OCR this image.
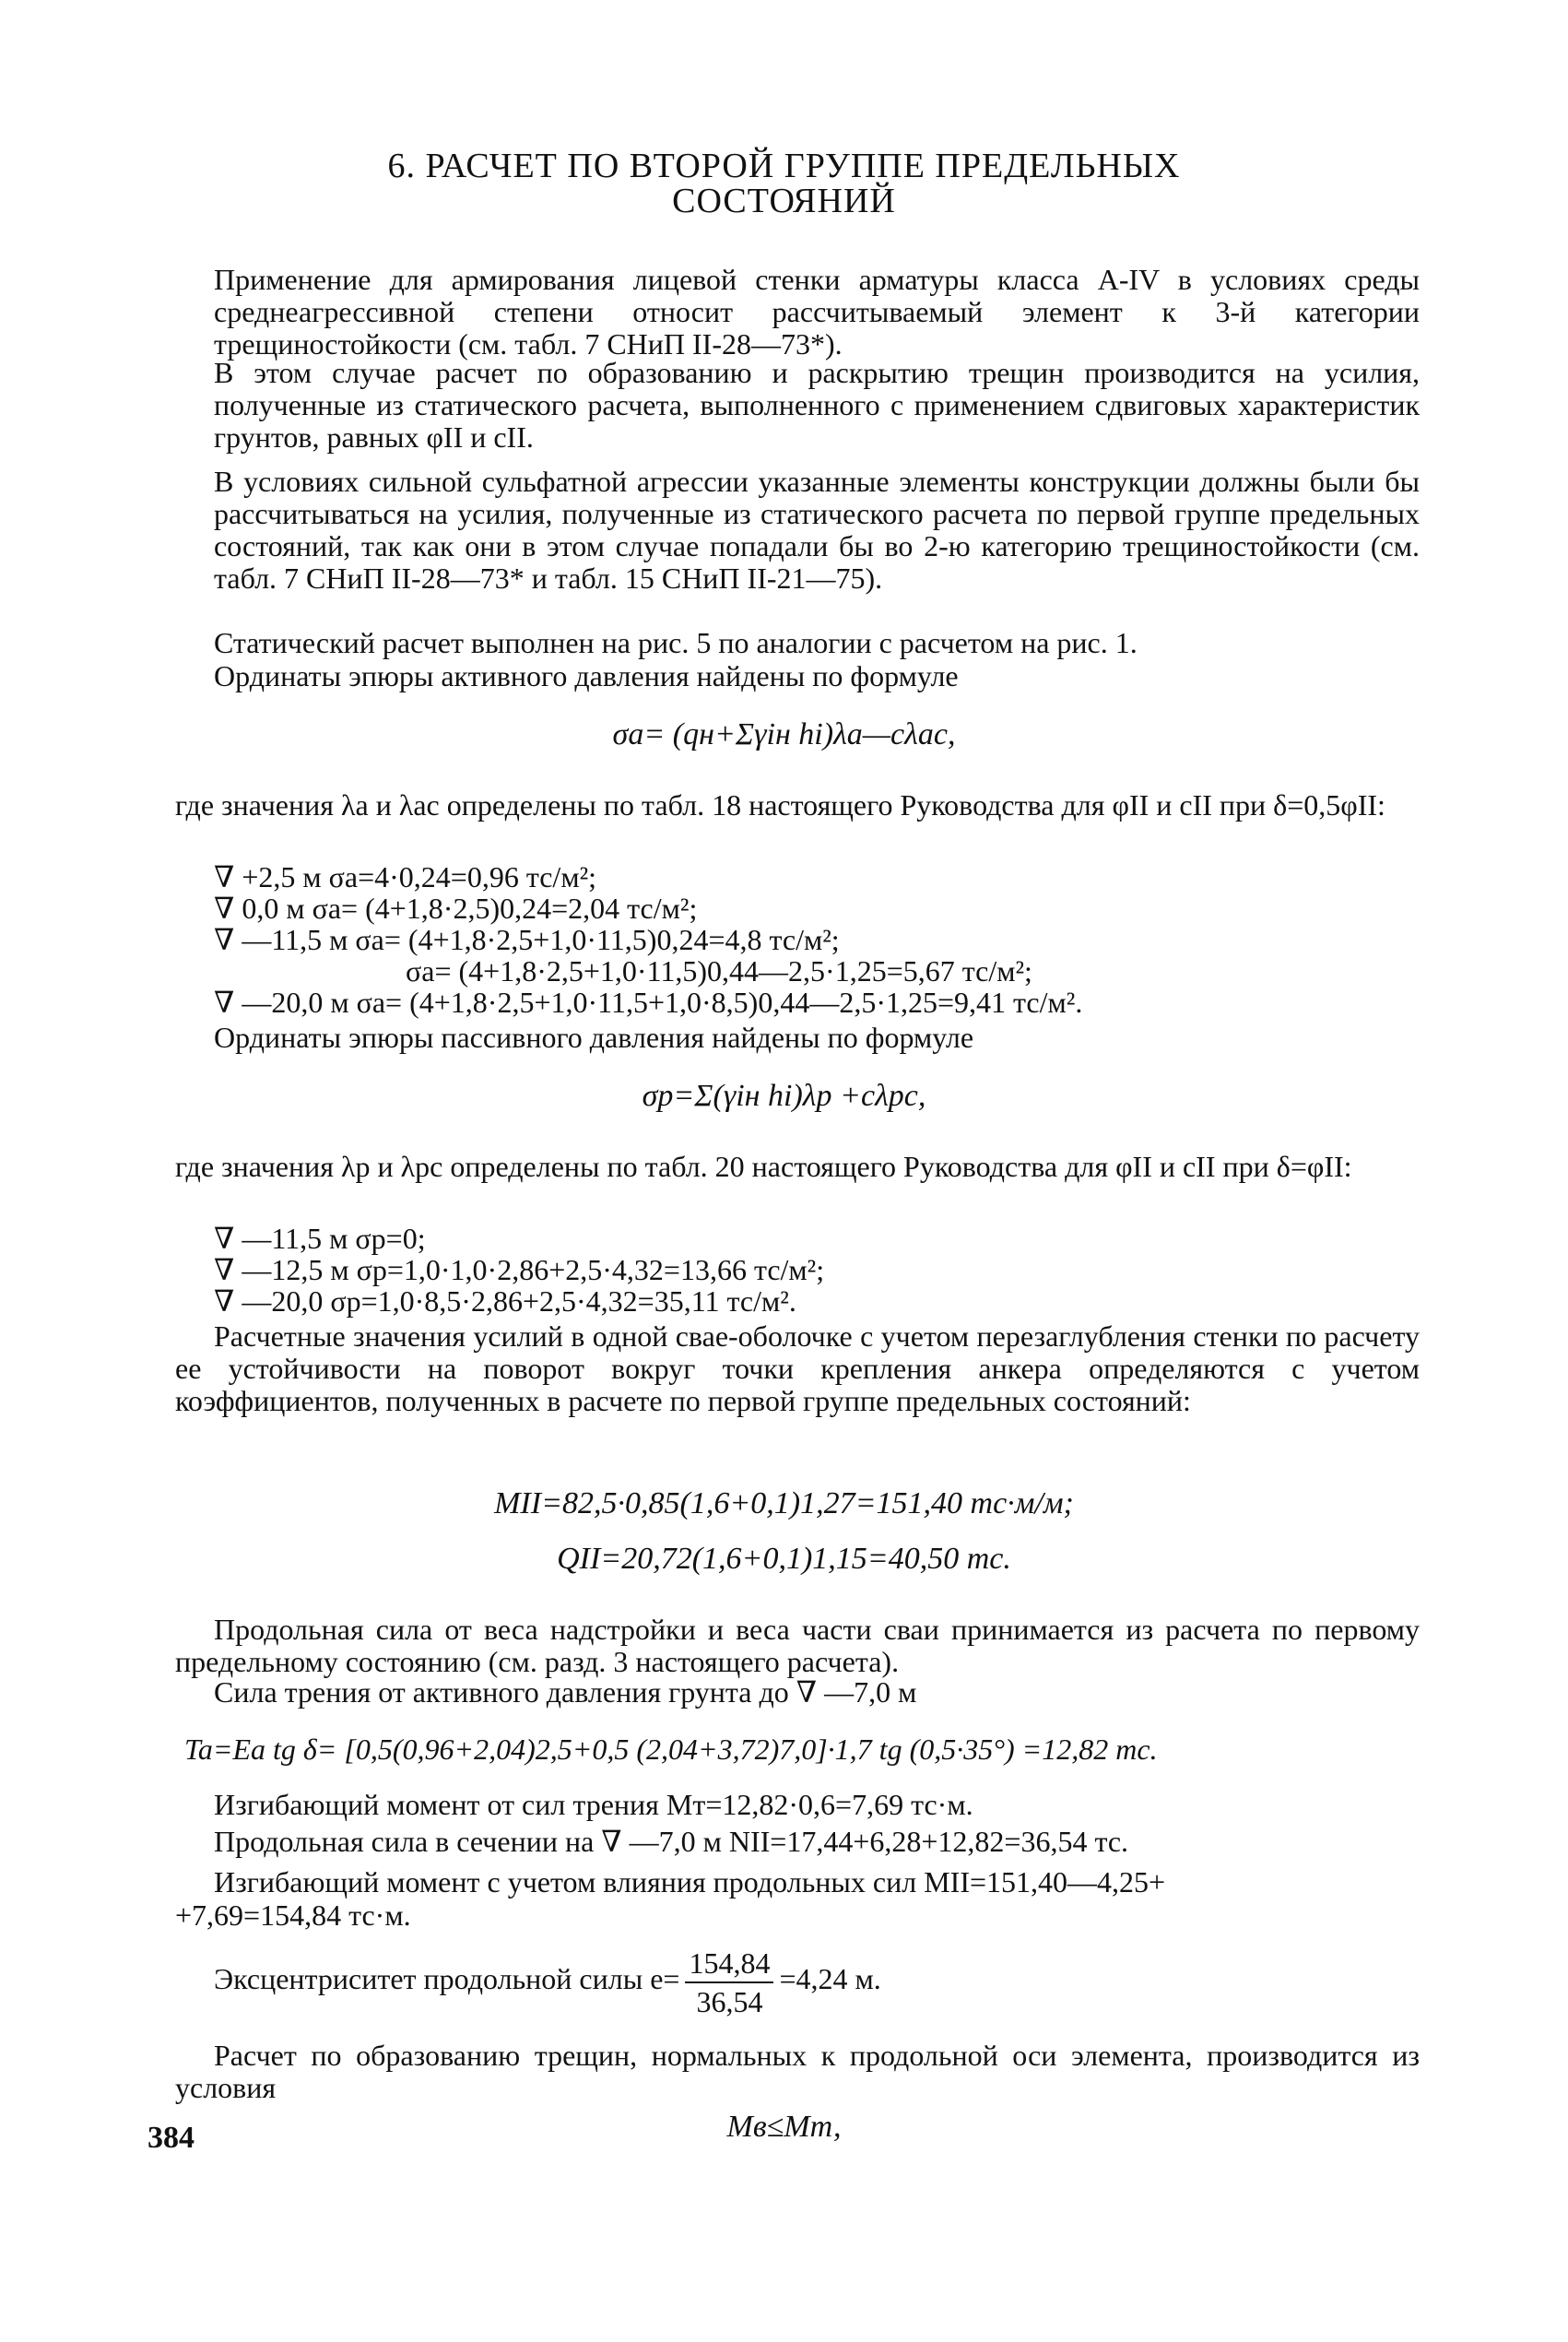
6. РАСЧЕТ ПО ВТОРОЙ ГРУППЕ ПРЕДЕЛЬНЫХ
СОСТОЯНИЙ
Применение для армирования лицевой стенки арматуры класса А-IV в условиях среды среднеагрессивной степени относит рассчитываемый элемент к 3-й категории трещиностойкости (см. табл. 7 СНиП II-28—73*).
В этом случае расчет по образованию и раскрытию трещин производится на усилия, полученные из статического расчета, выполненного с применением сдвиговых характеристик грунтов, равных φII и cII.
В условиях сильной сульфатной агрессии указанные элементы конструкции должны были бы рассчитываться на усилия, полученные из статического расчета по первой группе предельных состояний, так как они в этом случае попадали бы во 2-ю категорию трещиностойкости (см. табл. 7 СНиП II-28—73* и табл. 15 СНиП II-21—75).
Статический расчет выполнен на рис. 5 по аналогии с расчетом на рис. 1.
Ординаты эпюры активного давления найдены по формуле
σa= (qн+Σγiн hi)λa—cλac,
где значения λa и λac определены по табл. 18 настоящего Руководства для φII и cII при δ=0,5φII:
∇ +2,5 м σa=4·0,24=0,96 тс/м²;
∇ 0,0 м σa= (4+1,8·2,5)0,24=2,04 тс/м²;
∇ —11,5 м σa= (4+1,8·2,5+1,0·11,5)0,24=4,8 тс/м²;
σa= (4+1,8·2,5+1,0·11,5)0,44—2,5·1,25=5,67 тс/м²;
∇ —20,0 м σa= (4+1,8·2,5+1,0·11,5+1,0·8,5)0,44—2,5·1,25=9,41 тс/м².
Ординаты эпюры пассивного давления найдены по формуле
σp=Σ(γiн hi)λp +cλpc,
где значения λp и λpc определены по табл. 20 настоящего Руководства для φII и cII при δ=φII:
∇ —11,5 м σp=0;
∇ —12,5 м σp=1,0·1,0·2,86+2,5·4,32=13,66 тс/м²;
∇ —20,0 σp=1,0·8,5·2,86+2,5·4,32=35,11 тс/м².
Расчетные значения усилий в одной сваe-оболочке с учетом перезаглубления стенки по расчету ее устойчивости на поворот вокруг точки крепления анкера определяются с учетом коэффициентов, полученных в расчете по первой группе предельных состояний:
MII=82,5·0,85(1,6+0,1)1,27=151,40 тс·м/м;
QII=20,72(1,6+0,1)1,15=40,50 тс.
Продольная сила от веса надстройки и веса части сваи принимается из расчета по первому предельному состоянию (см. разд. 3 настоящего расчета).
Сила трения от активного давления грунта до ∇ —7,0 м
Ta=Ea tg δ= [0,5(0,96+2,04)2,5+0,5 (2,04+3,72)7,0]·1,7 tg (0,5·35°) =12,82 тс.
Изгибающий момент от сил трения Mт=12,82·0,6=7,69 тс·м.
Продольная сила в сечении на ∇ —7,0 м NII=17,44+6,28+12,82=36,54 тс.
Изгибающий момент с учетом влияния продольных сил MII=151,40—4,25+
+7,69=154,84 тс·м.
Эксцентриситет продольной силы $e= \frac{154,84}{36,54} =4,24$ м.
Расчет по образованию трещин, нормальных к продольной оси элемента, производится из условия
Mв≤Mт,
384
